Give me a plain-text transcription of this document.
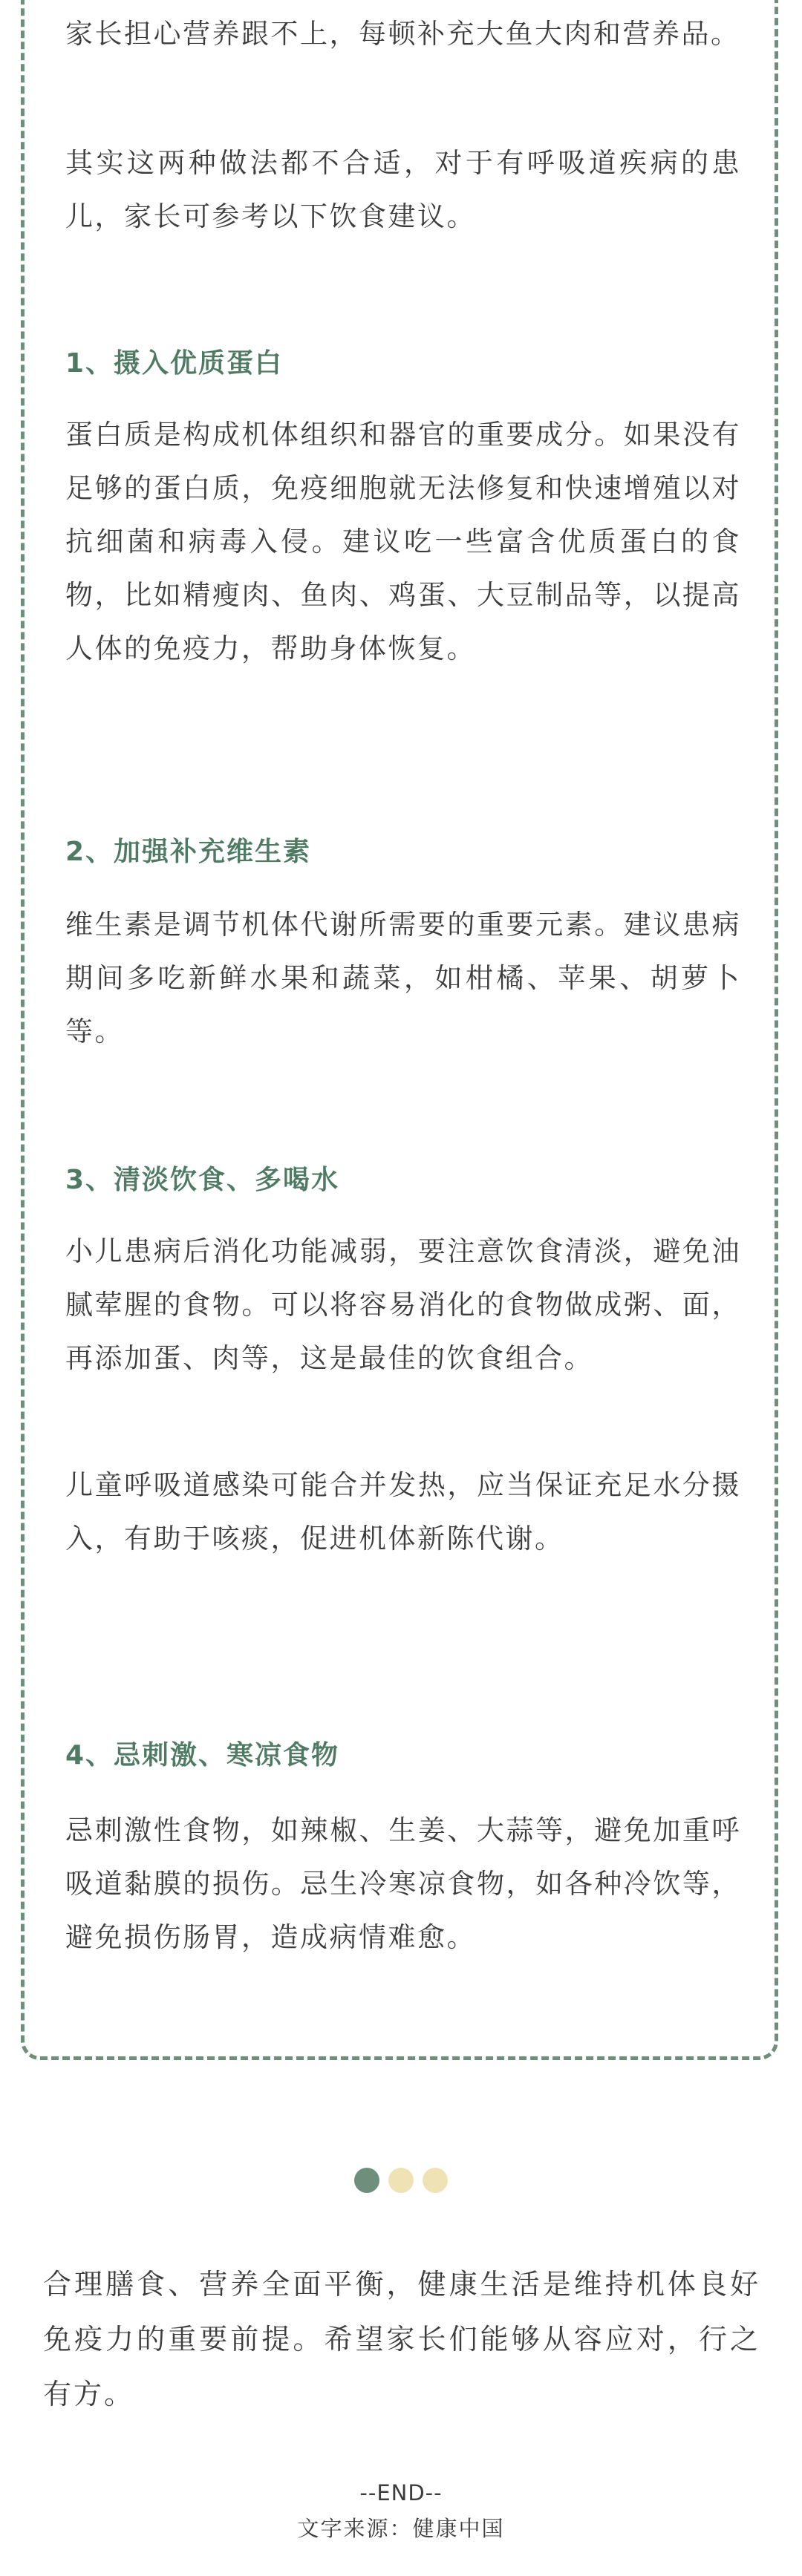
家长担心营养跟不上，每顿补充大鱼大肉和营养品。

其实这两种做法都不合适，对于有呼吸道疾病的患儿，家长可参考以下饮食建议。

1、摄入优质蛋白

蛋白质是构成机体组织和器官的重要成分。如果没有足够的蛋白质，免疫细胞就无法修复和快速增殖以对抗细菌和病毒入侵。建议吃一些富含优质蛋白的食物，比如精瘦肉、鱼肉、鸡蛋、大豆制品等，以提高人体的免疫力，帮助身体恢复。

2、加强补充维生素

维生素是调节机体代谢所需要的重要元素。建议患病期间多吃新鲜水果和蔬菜，如柑橘、苹果、胡萝卜等。

3、清淡饮食、多喝水

小儿患病后消化功能减弱，要注意饮食清淡，避免油腻荤腥的食物。可以将容易消化的食物做成粥、面，再添加蛋、肉等，这是最佳的饮食组合。

儿童呼吸道感染可能合并发热，应当保证充足水分摄入，有助于咳痰，促进机体新陈代谢。

4、忌刺激、寒凉食物

忌刺激性食物，如辣椒、生姜、大蒜等，避免加重呼吸道黏膜的损伤。忌生冷寒凉食物，如各种冷饮等，避免损伤肠胃，造成病情难愈。

合理膳食、营养全面平衡，健康生活是维持机体良好免疫力的重要前提。希望家长们能够从容应对，行之有方。

--END--
文字来源：健康中国
